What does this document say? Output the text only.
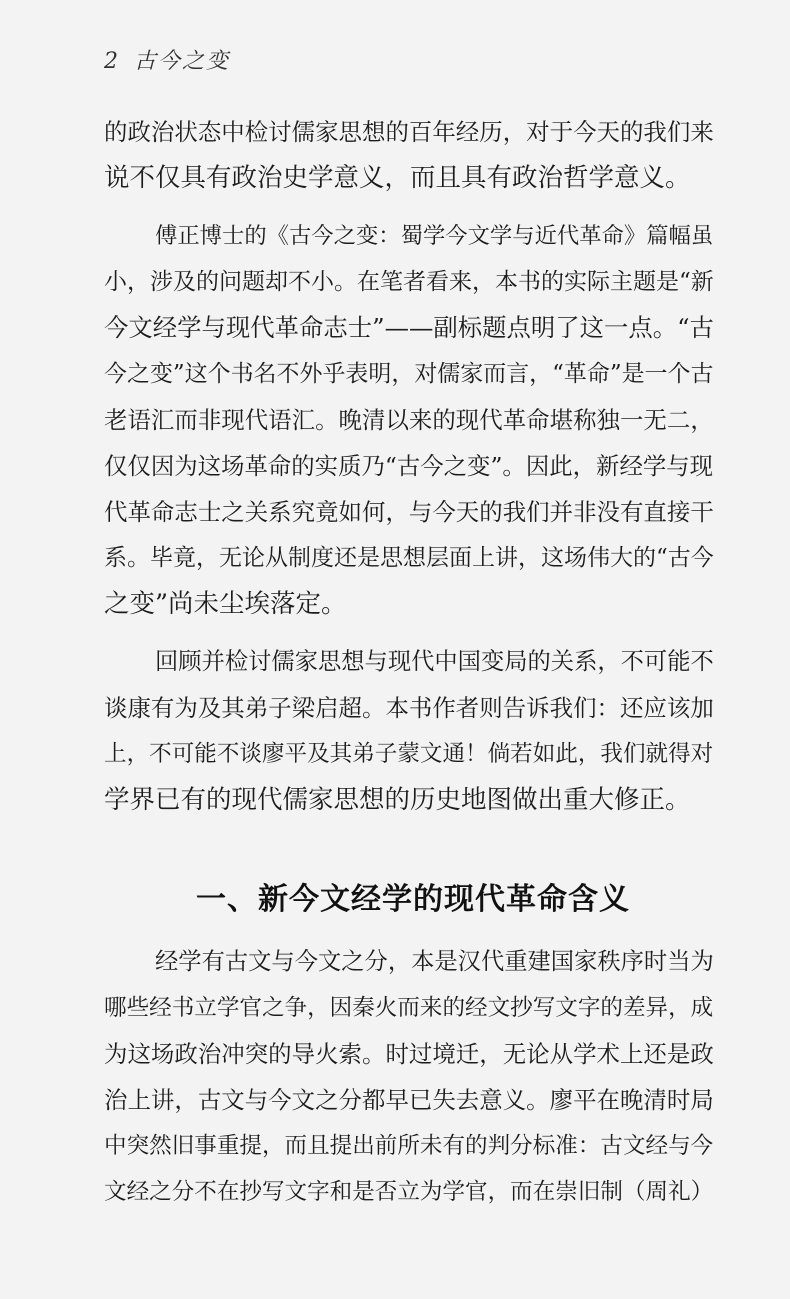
2 古今之变
的政治状态中检讨儒家思想的百年经历，对于今天的我们来
说不仅具有政治史学意义，而且具有政治哲学意义。
傅正博士的《古今之变：蜀学今文学与近代革命》篇幅虽
小，涉及的问题却不小。在笔者看来，本书的实际主题是“新
今文经学与现代革命志士”——副标题点明了这一点。“古
今之变”这个书名不外乎表明，对儒家而言，“革命”是一个古
老语汇而非现代语汇。晚清以来的现代革命堪称独一无二，
仅仅因为这场革命的实质乃“古今之变”。因此，新经学与现
代革命志士之关系究竟如何，与今天的我们并非没有直接干
系。毕竟，无论从制度还是思想层面上讲，这场伟大的“古今
之变”尚未尘埃落定。
回顾并检讨儒家思想与现代中国变局的关系，不可能不
谈康有为及其弟子梁启超。本书作者则告诉我们：还应该加
上，不可能不谈廖平及其弟子蒙文通！倘若如此，我们就得对
学界已有的现代儒家思想的历史地图做出重大修正。
一、新今文经学的现代革命含义
经学有古文与今文之分，本是汉代重建国家秩序时当为
哪些经书立学官之争，因秦火而来的经文抄写文字的差异，成
为这场政治冲突的导火索。时过境迁，无论从学术上还是政
治上讲，古文与今文之分都早已失去意义。廖平在晚清时局
中突然旧事重提，而且提出前所未有的判分标准：古文经与今
文经之分不在抄写文字和是否立为学官，而在崇旧制（周礼）
